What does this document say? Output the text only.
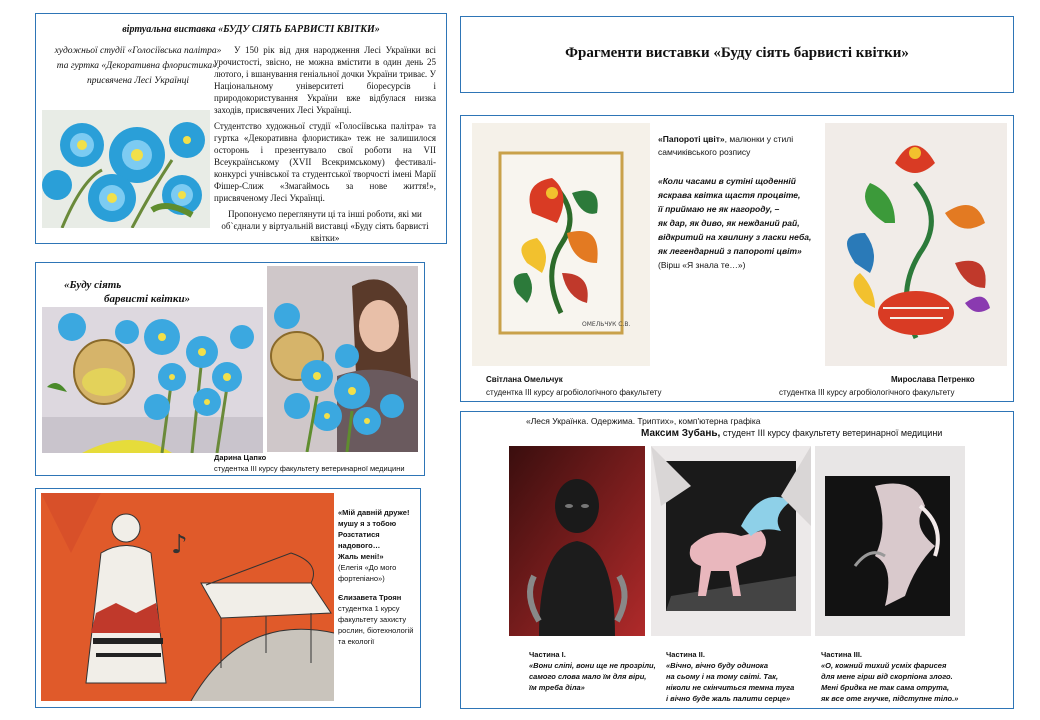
віртуальна виставка «БУДУ СІЯТЬ БАРВИСТІ КВІТКИ»
художньої студії «Голосіївська палітра»
та гуртка «Декоративна флористика»,
присвячена Лесі Українці
У 150 рік від дня народження Лесі Українки всі урочистості, звісно, не можна вмістити в один день 25 лютого, і вшанування геніальної дочки України триває. У Національному університеті біоресурсів і природокористування України вже відбулася низка заходів, присвячених Лесі Українці.
Студентство художньої студії «Голосіївська палітра» та гуртка «Декоративна флористика» теж не залишилося осторонь і презентувало свої роботи на VII Всеукраїнському (XVII Всекримському) фестивалі-конкурсі учнівської та студентської творчості імені Марії Фішер-Слиж «Змагаймось за нове життя!», присвяченому Лесі Українці.
Пропонуємо переглянути ці та інші роботи, які ми об`єднали у віртуальній виставці «Буду сіять барвисті квітки»
«Буду сіять
барвисті квітки»
Дарина Цапко
студентка ІІІ курсу факультету ветеринарної медицини
♪
«Мій давній друже!
мушу я з тобою
Розстатися надового…
Жаль мені!»
(Елегія «До мого фортепіано»)
Єлизавета Троян
студентка 1 курсу факультету захисту рослин, біотехнологій та екології
Фрагменти виставки «Буду сіять барвисті квітки»
ОМЕЛЬЧУК С.В.
«Папороті цвіт», малюнки у стилі самчиківського розпису
«Коли часами в сутіні щоденній
яскрава квітка щастя процвіте,
її приймаю не як нагороду, –
як дар, як диво, як нежданий рай,
відкритий на хвилину з ласки неба,
як легендарний з папороті цвіт»
(Вірш «Я знала те…»)
Світлана Омельчук
студентка ІІІ курсу агробіологічного факультету
Мирослава Петренко
студентка ІІІ курсу агробіологічного факультету
«Леся Українка. Одержима. Триптих», комп'ютерна графіка
Максим Зубань, студент ІІІ курсу факультету ветеринарної медицини
Частина І.
«Вони сліпі, вони ще не прозріли,
самого слова мало їм для віри,
їм треба діла»
Частина ІІ.
«Вічно, вічно буду одинока
на сьому і на тому світі. Так,
ніколи не скінчиться темна туга
і вічно буде жаль палити серце»
Частина ІІІ.
«О, кожний тихий усміх фарисея
для мене гірш від скорпіона злого.
Мені бридка не так сама отрута,
як все оте гнучке, підступне тіло.»
